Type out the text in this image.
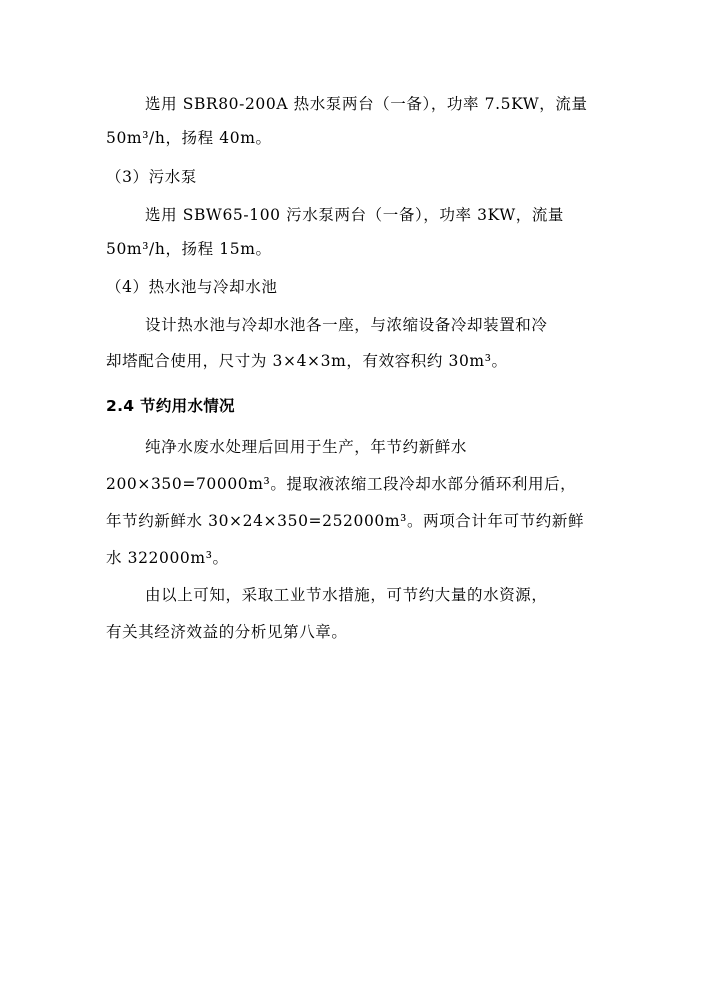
选用 SBR80-200A 热水泵两台（一备），功率 7.5KW，流量
50m³/h，扬程 40m。
（3）污水泵
选用 SBW65-100 污水泵两台（一备），功率 3KW，流量
50m³/h，扬程 15m。
（4）热水池与冷却水池
设计热水池与冷却水池各一座，与浓缩设备冷却装置和冷
却塔配合使用，尺寸为 3×4×3m，有效容积约 30m³。
2.4 节约用水情况
纯净水废水处理后回用于生产，年节约新鲜水
200×350=70000m³。提取液浓缩工段冷却水部分循环利用后，
年节约新鲜水 30×24×350=252000m³。两项合计年可节约新鲜
水 322000m³。
由以上可知，采取工业节水措施，可节约大量的水资源，
有关其经济效益的分析见第八章。
